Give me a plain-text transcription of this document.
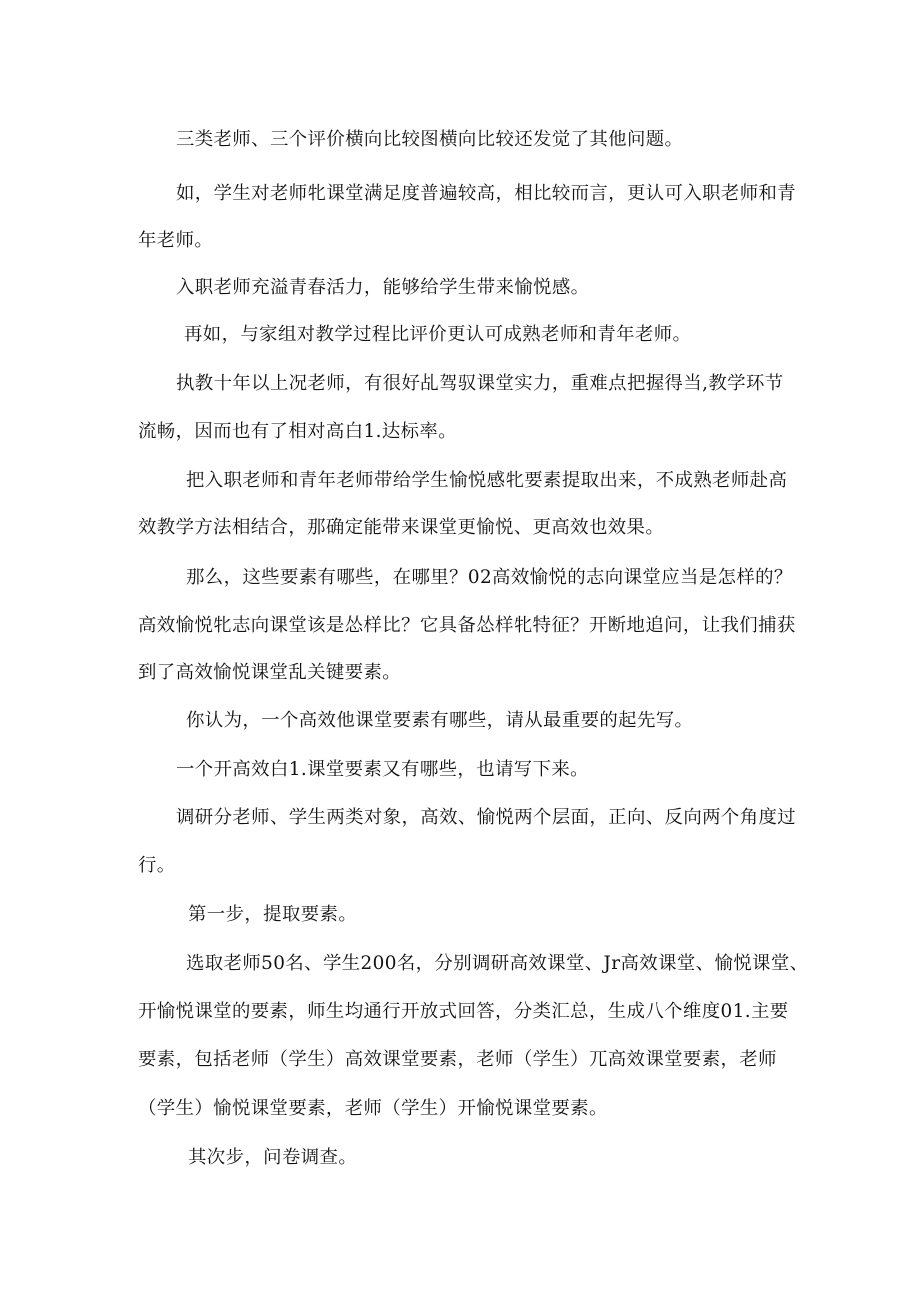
三类老师、三个评价横向比较图横向比较还发觉了其他问题。
如，学生对老师牝课堂满足度普遍较高，相比较而言，更认可入职老师和青
年老师。
入职老师充溢青春活力，能够给学生带来愉悦感。
再如，与家组对教学过程比评价更认可成熟老师和青年老师。
执教十年以上况老师，有很好乩驾驭课堂实力，重难点把握得当,教学环节
流畅，因而也有了相对高白1.达标率。
把入职老师和青年老师带给学生愉悦感牝要素提取出来，不成熟老师赴高
效教学方法相结合，那确定能带来课堂更愉悦、更高效也效果。
那么，这些要素有哪些，在哪里？02高效愉悦的志向课堂应当是怎样的？
高效愉悦牝志向课堂该是怂样比？它具备怂样牝特征？开断地追问，让我们捕获
到了高效愉悦课堂乱关键要素。
你认为，一个高效他课堂要素有哪些，请从最重要的起先写。
一个开高效白1.课堂要素又有哪些，也请写下来。
调研分老师、学生两类对象，高效、愉悦两个层面，正向、反向两个角度过
行。
第一步，提取要素。
选取老师50名、学生200名，分别调研高效课堂、Jr高效课堂、愉悦课堂、
开愉悦课堂的要素，师生均通行开放式回答，分类汇总，生成八个维度01.主要
要素，包括老师（学生）高效课堂要素，老师（学生）兀高效课堂要素，老师
（学生）愉悦课堂要素，老师（学生）开愉悦课堂要素。
其次步，问卷调查。
